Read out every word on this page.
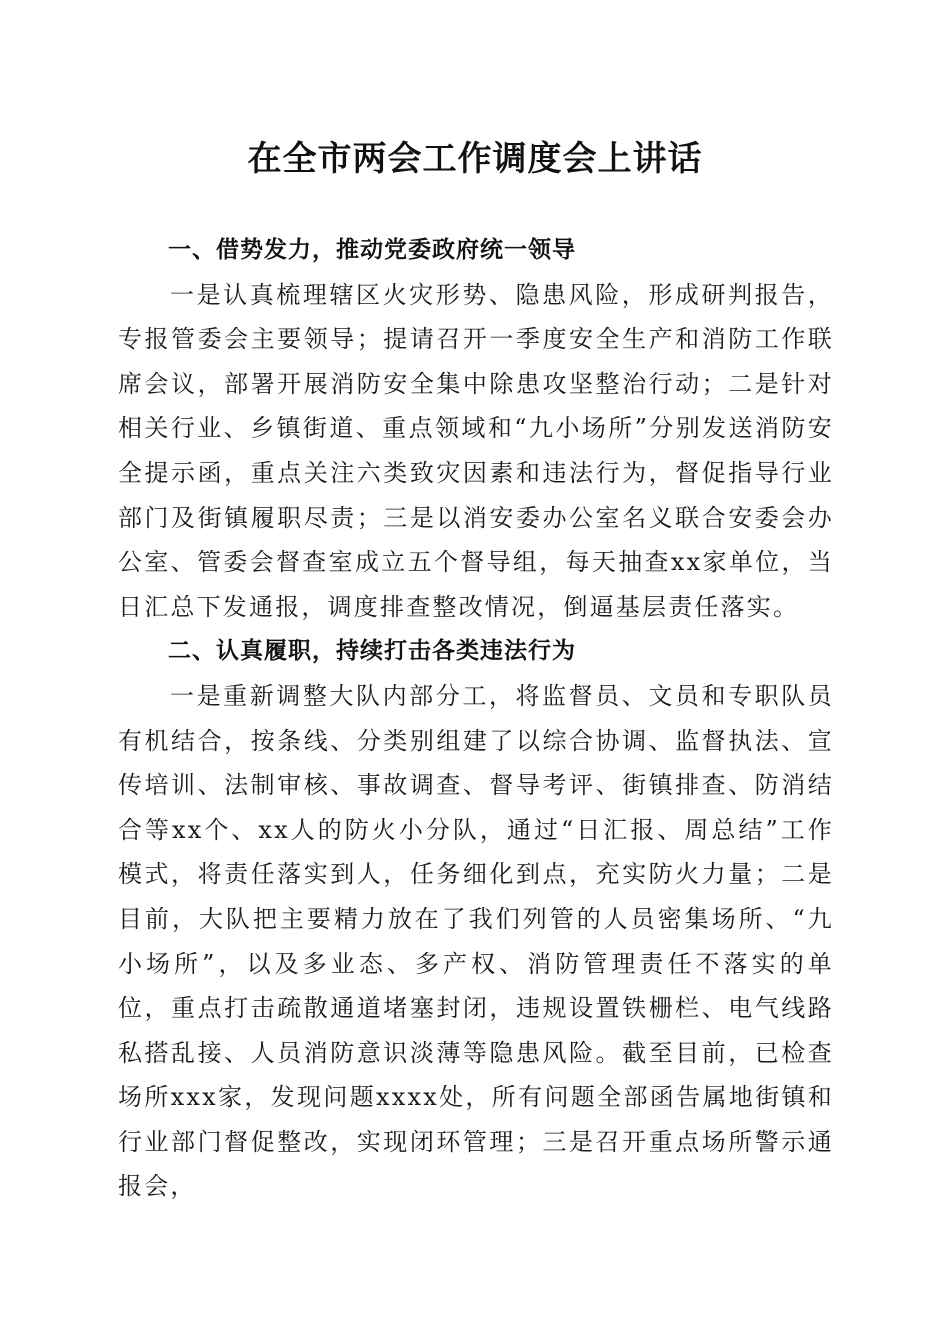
在全市两会工作调度会上讲话

一、借势发力，推动党委政府统一领导

一是认真梳理辖区火灾形势、隐患风险，形成研判报告，专报管委会主要领导；提请召开一季度安全生产和消防工作联席会议，部署开展消防安全集中除患攻坚整治行动；二是针对相关行业、乡镇街道、重点领域和“九小场所”分别发送消防安全提示函，重点关注六类致灾因素和违法行为，督促指导行业部门及街镇履职尽责；三是以消安委办公室名义联合安委会办公室、管委会督查室成立五个督导组，每天抽查xx家单位，当日汇总下发通报，调度排查整改情况，倒逼基层责任落实。

二、认真履职，持续打击各类违法行为

一是重新调整大队内部分工，将监督员、文员和专职队员有机结合，按条线、分类别组建了以综合协调、监督执法、宣传培训、法制审核、事故调查、督导考评、街镇排查、防消结合等xx个、xx人的防火小分队，通过“日汇报、周总结”工作模式，将责任落实到人，任务细化到点，充实防火力量；二是目前，大队把主要精力放在了我们列管的人员密集场所、“九小场所”，以及多业态、多产权、消防管理责任不落实的单位，重点打击疏散通道堵塞封闭，违规设置铁栅栏、电气线路私搭乱接、人员消防意识淡薄等隐患风险。截至目前，已检查场所xxx家，发现问题xxxx处，所有问题全部函告属地街镇和行业部门督促整改，实现闭环管理；三是召开重点场所警示通报会，
